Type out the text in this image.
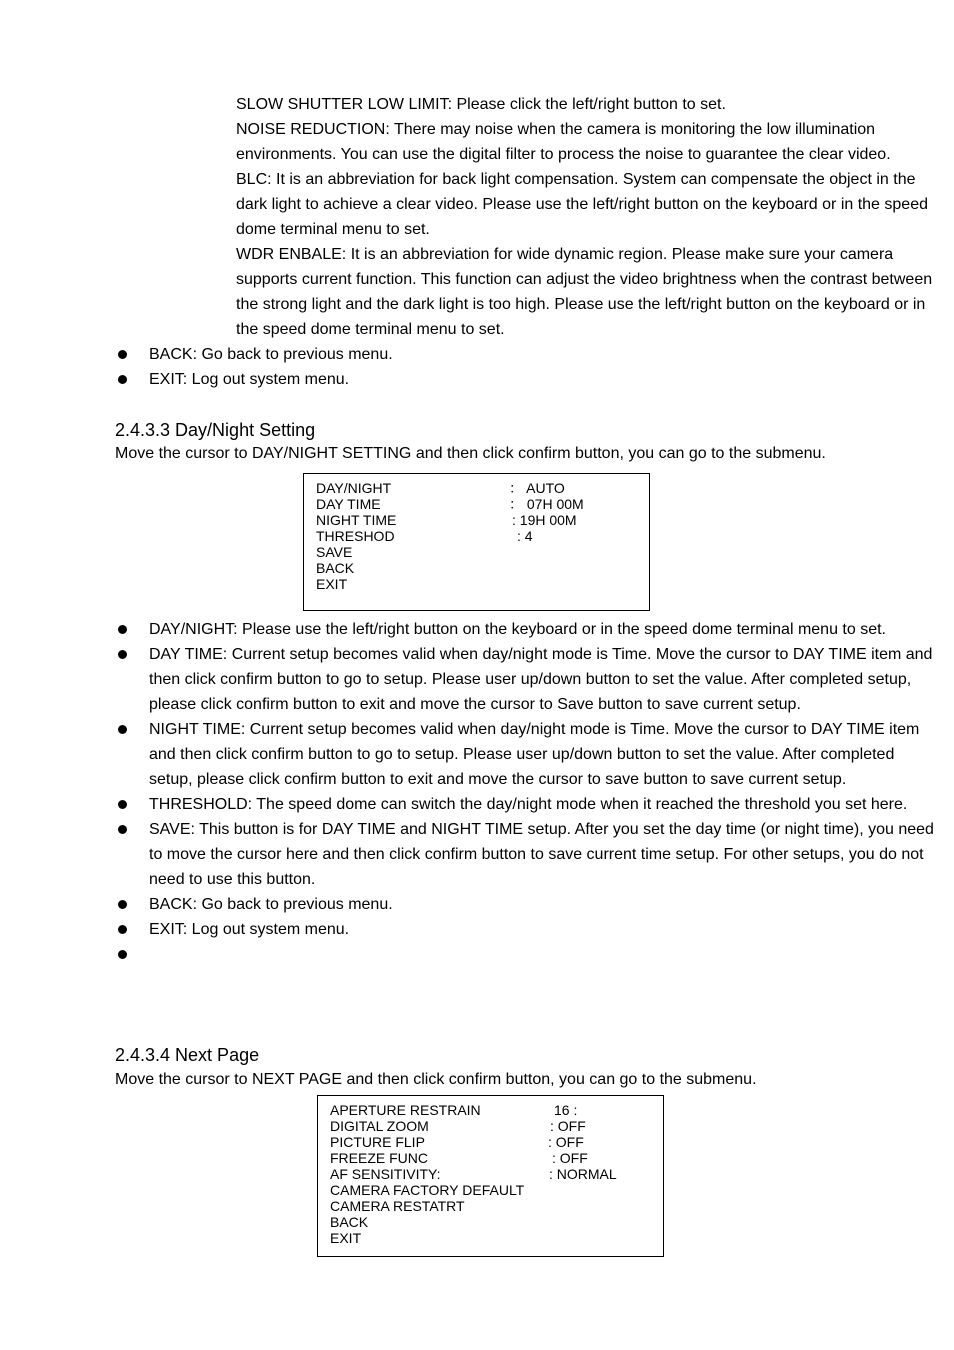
SLOW SHUTTER LOW LIMIT: Please click the left/right button to set.
NOISE REDUCTION: There may noise when the camera is monitoring the low illumination environments. You can use the digital filter to process the noise to guarantee the clear video.
BLC: It is an abbreviation for back light compensation. System can compensate the object in the dark light to achieve a clear video. Please use the left/right button on the keyboard or in the speed dome terminal menu to set.
WDR ENBALE: It is an abbreviation for wide dynamic region. Please make sure your camera supports current function. This function can adjust the video brightness when the contrast between the strong light and the dark light is too high. Please use the left/right button on the keyboard or in the speed dome terminal menu to set.
BACK: Go back to previous menu.
EXIT: Log out system menu.
2.4.3.3 Day/Night Setting
Move the cursor to DAY/NIGHT SETTING and then click confirm button, you can go to the submenu.
DAY/NIGHT	： AUTO
DAY TIME	： 07H 00M
NIGHT TIME	: 19H 00M
THRESHOD	: 4
SAVE
BACK
EXIT
DAY/NIGHT: Please use the left/right button on the keyboard or in the speed dome terminal menu to set.
DAY TIME: Current setup becomes valid when day/night mode is Time. Move the cursor to DAY TIME item and then click confirm button to go to setup. Please user up/down button to set the value. After completed setup, please click confirm button to exit and move the cursor to Save button to save current setup.
NIGHT TIME: Current setup becomes valid when day/night mode is Time. Move the cursor to DAY TIME item and then click confirm button to go to setup. Please user up/down button to set the value. After completed setup, please click confirm button to exit and move the cursor to save button to save current setup.
THRESHOLD: The speed dome can switch the day/night mode when it reached the threshold you set here.
SAVE: This button is for DAY TIME and NIGHT TIME setup. After you set the day time (or night time), you need to move the cursor here and then click confirm button to save current time setup. For other setups, you do not need to use this button.
BACK: Go back to previous menu.
EXIT: Log out system menu.
2.4.3.4 Next Page
Move the cursor to NEXT PAGE and then click confirm button, you can go to the submenu.
APERTURE RESTRAIN	16 :
DIGITAL ZOOM	: OFF
PICTURE FLIP	: OFF
FREEZE FUNC	: OFF
AF SENSITIVITY:	: NORMAL
CAMERA FACTORY DEFAULT
CAMERA RESTATRT
BACK
EXIT
